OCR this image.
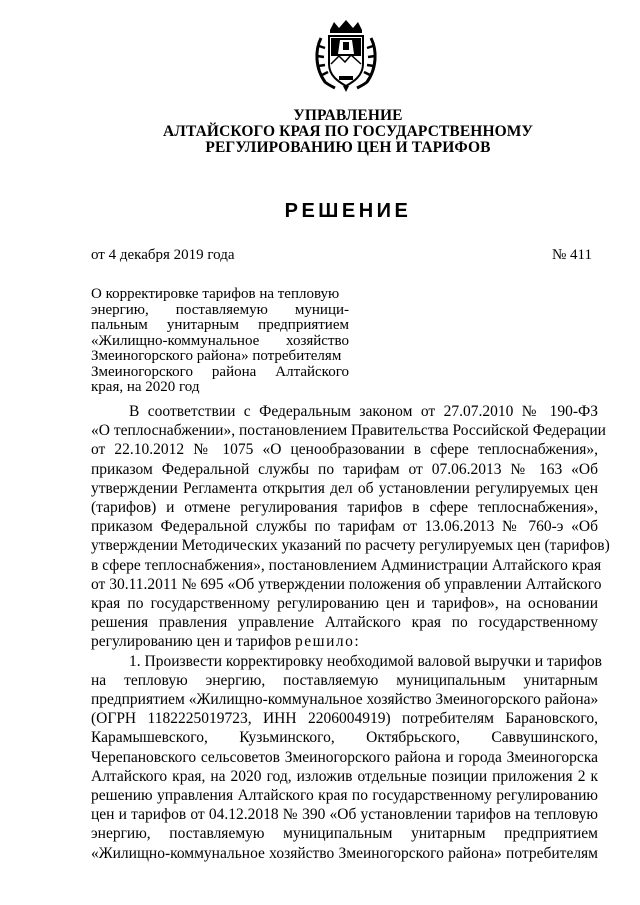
УПРАВЛЕНИЕ
АЛТАЙСКОГО КРАЯ ПО ГОСУДАРСТВЕННОМУ
РЕГУЛИРОВАНИЮ ЦЕН И ТАРИФОВ
РЕШЕНИЕ
от 4 декабря 2019 года	№ 411
О корректировке тарифов на тепловую
энергию, поставляемую муници-
пальным унитарным предприятием
«Жилищно-коммунальное хозяйство
Змеиногорского района» потребителям
Змеиногорского района Алтайского
края, на 2020 год
В соответствии с Федеральным законом от 27.07.2010 № 190-ФЗ
«О теплоснабжении», постановлением Правительства Российской Федерации
от 22.10.2012 № 1075 «О ценообразовании в сфере теплоснабжения»,
приказом Федеральной службы по тарифам от 07.06.2013 № 163 «Об
утверждении Регламента открытия дел об установлении регулируемых цен
(тарифов) и отмене регулирования тарифов в сфере теплоснабжения»,
приказом Федеральной службы по тарифам от 13.06.2013 № 760-э «Об
утверждении Методических указаний по расчету регулируемых цен (тарифов)
в сфере теплоснабжения», постановлением Администрации Алтайского края
от 30.11.2011 № 695 «Об утверждении положения об управлении Алтайского
края по государственному регулированию цен и тарифов», на основании
решения правления управление Алтайского края по государственному
регулированию цен и тарифов решило:
1. Произвести корректировку необходимой валовой выручки и тарифов
на тепловую энергию, поставляемую муниципальным унитарным
предприятием «Жилищно-коммунальное хозяйство Змеиногорского района»
(ОГРН 1182225019723, ИНН 2206004919) потребителям Барановского,
Карамышевского, Кузьминского, Октябрьского, Саввушинского,
Черепановского сельсоветов Змеиногорского района и города Змеиногорска
Алтайского края, на 2020 год, изложив отдельные позиции приложения 2 к
решению управления Алтайского края по государственному регулированию
цен и тарифов от 04.12.2018 № 390 «Об установлении тарифов на тепловую
энергию, поставляемую муниципальным унитарным предприятием
«Жилищно-коммунальное хозяйство Змеиногорского района» потребителям
